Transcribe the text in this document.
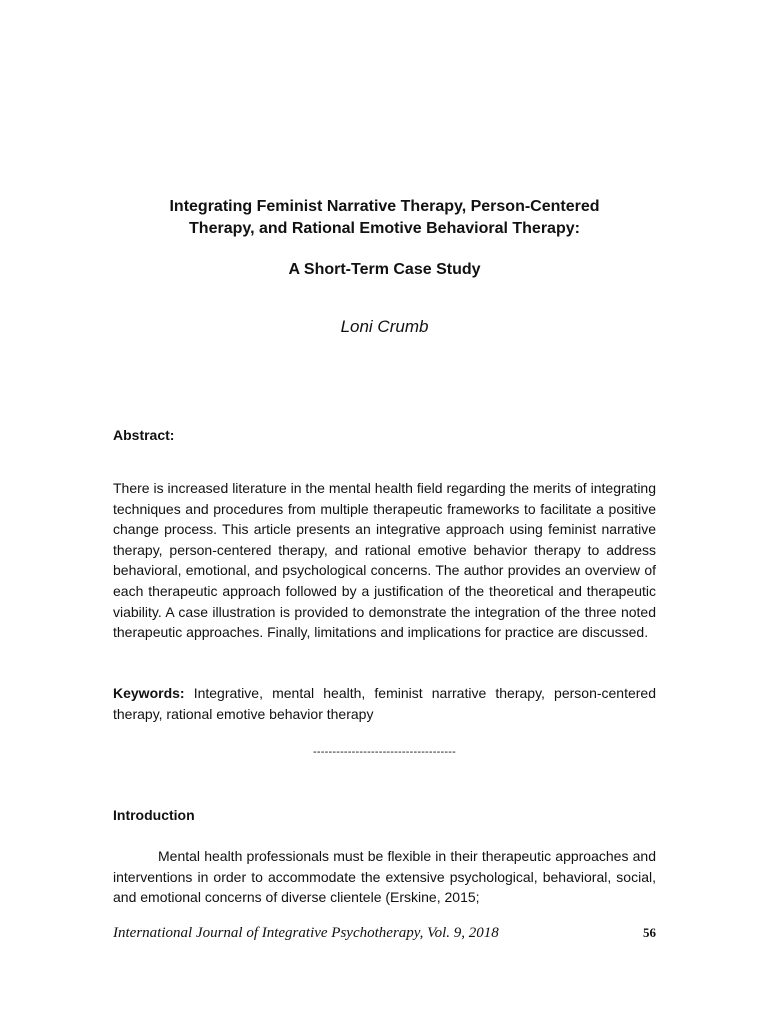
Integrating Feminist Narrative Therapy, Person-Centered
Therapy, and Rational Emotive Behavioral Therapy:
A Short-Term Case Study

Loni Crumb

Abstract:

There is increased literature in the mental health field regarding the merits of integrating techniques and procedures from multiple therapeutic frameworks to facilitate a positive change process. This article presents an integrative approach using feminist narrative therapy, person-centered therapy, and rational emotive behavior therapy to address behavioral, emotional, and psychological concerns. The author provides an overview of each therapeutic approach followed by a justification of the theoretical and therapeutic viability. A case illustration is provided to demonstrate the integration of the three noted therapeutic approaches. Finally, limitations and implications for practice are discussed.

Keywords: Integrative, mental health, feminist narrative therapy, person-centered therapy, rational emotive behavior therapy

-------------------------------------

Introduction

Mental health professionals must be flexible in their therapeutic approaches and interventions in order to accommodate the extensive psychological, behavioral, social, and emotional concerns of diverse clientele (Erskine, 2015;

International Journal of Integrative Psychotherapy, Vol. 9, 2018	56
